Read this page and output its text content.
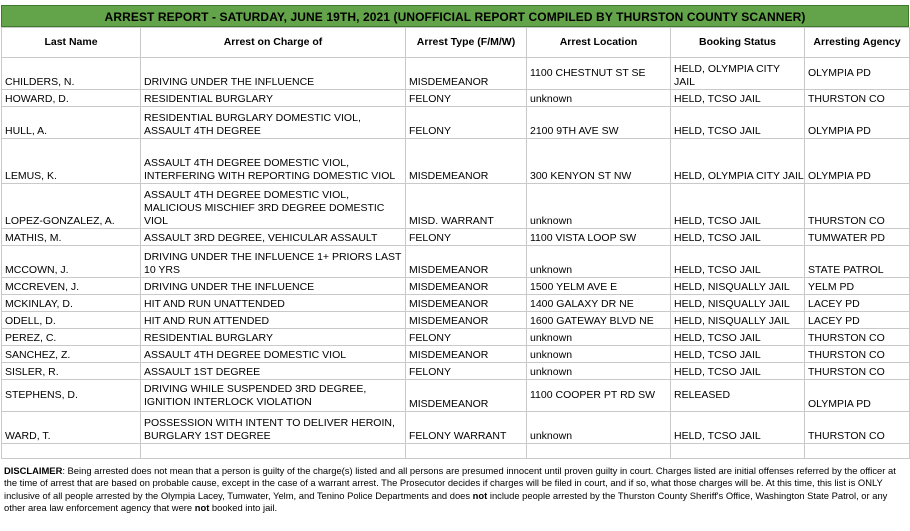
ARREST REPORT - SATURDAY, JUNE 19TH, 2021 (UNOFFICIAL REPORT COMPILED BY THURSTON COUNTY SCANNER)
Last Name	Arrest on Charge of	Arrest Type (F/M/W)	Arrest Location	Booking Status	Arresting Agency
CHILDERS, N.	DRIVING UNDER THE INFLUENCE	MISDEMEANOR	1100 CHESTNUT ST SE	HELD, OLYMPIA CITY JAIL	OLYMPIA PD
HOWARD, D.	RESIDENTIAL BURGLARY	FELONY	unknown	HELD, TCSO JAIL	THURSTON CO
HULL, A.	RESIDENTIAL BURGLARY DOMESTIC VIOL, ASSAULT 4TH DEGREE	FELONY	2100 9TH AVE SW	HELD, TCSO JAIL	OLYMPIA PD
LEMUS, K.	ASSAULT 4TH DEGREE DOMESTIC VIOL, INTERFERING WITH REPORTING DOMESTIC VIOL	MISDEMEANOR	300 KENYON ST NW	HELD, OLYMPIA CITY JAIL	OLYMPIA PD
LOPEZ-GONZALEZ, A.	ASSAULT 4TH DEGREE DOMESTIC VIOL, MALICIOUS MISCHIEF 3RD DEGREE DOMESTIC VIOL	MISD. WARRANT	unknown	HELD, TCSO JAIL	THURSTON CO
MATHIS, M.	ASSAULT 3RD DEGREE, VEHICULAR ASSAULT	FELONY	1100 VISTA LOOP SW	HELD, TCSO JAIL	TUMWATER PD
MCCOWN, J.	DRIVING UNDER THE INFLUENCE 1+ PRIORS LAST 10 YRS	MISDEMEANOR	unknown	HELD, TCSO JAIL	STATE PATROL
MCCREVEN, J.	DRIVING UNDER THE INFLUENCE	MISDEMEANOR	1500 YELM AVE E	HELD, NISQUALLY JAIL	YELM PD
MCKINLAY, D.	HIT AND RUN UNATTENDED	MISDEMEANOR	1400 GALAXY DR NE	HELD, NISQUALLY JAIL	LACEY PD
ODELL, D.	HIT AND RUN ATTENDED	MISDEMEANOR	1600 GATEWAY BLVD NE	HELD, NISQUALLY JAIL	LACEY PD
PEREZ, C.	RESIDENTIAL BURGLARY	FELONY	unknown	HELD, TCSO JAIL	THURSTON CO
SANCHEZ, Z.	ASSAULT 4TH DEGREE DOMESTIC VIOL	MISDEMEANOR	unknown	HELD, TCSO JAIL	THURSTON CO
SISLER, R.	ASSAULT 1ST DEGREE	FELONY	unknown	HELD, TCSO JAIL	THURSTON CO
STEPHENS, D.	DRIVING WHILE SUSPENDED 3RD DEGREE, IGNITION INTERLOCK VIOLATION	MISDEMEANOR	1100 COOPER PT RD SW	RELEASED	OLYMPIA PD
WARD, T.	POSSESSION WITH INTENT TO DELIVER HEROIN, BURGLARY 1ST DEGREE	FELONY WARRANT	unknown	HELD, TCSO JAIL	THURSTON CO

DISCLAIMER: Being arrested does not mean that a person is guilty of the charge(s) listed and all persons are presumed innocent until proven guilty in court. Charges listed are initial offenses referred by the officer at the time of arrest that are based on probable cause, except in the case of a warrant arrest. The Prosecutor decides if charges will be filed in court, and if so, what those charges will be. At this time, this list is ONLY inclusive of all people arrested by the Olympia Lacey, Tumwater, Yelm, and Tenino Police Departments and does not include people arrested by the Thurston County Sheriff's Office, Washington State Patrol, or any other area law enforcement agency that were not booked into jail.
